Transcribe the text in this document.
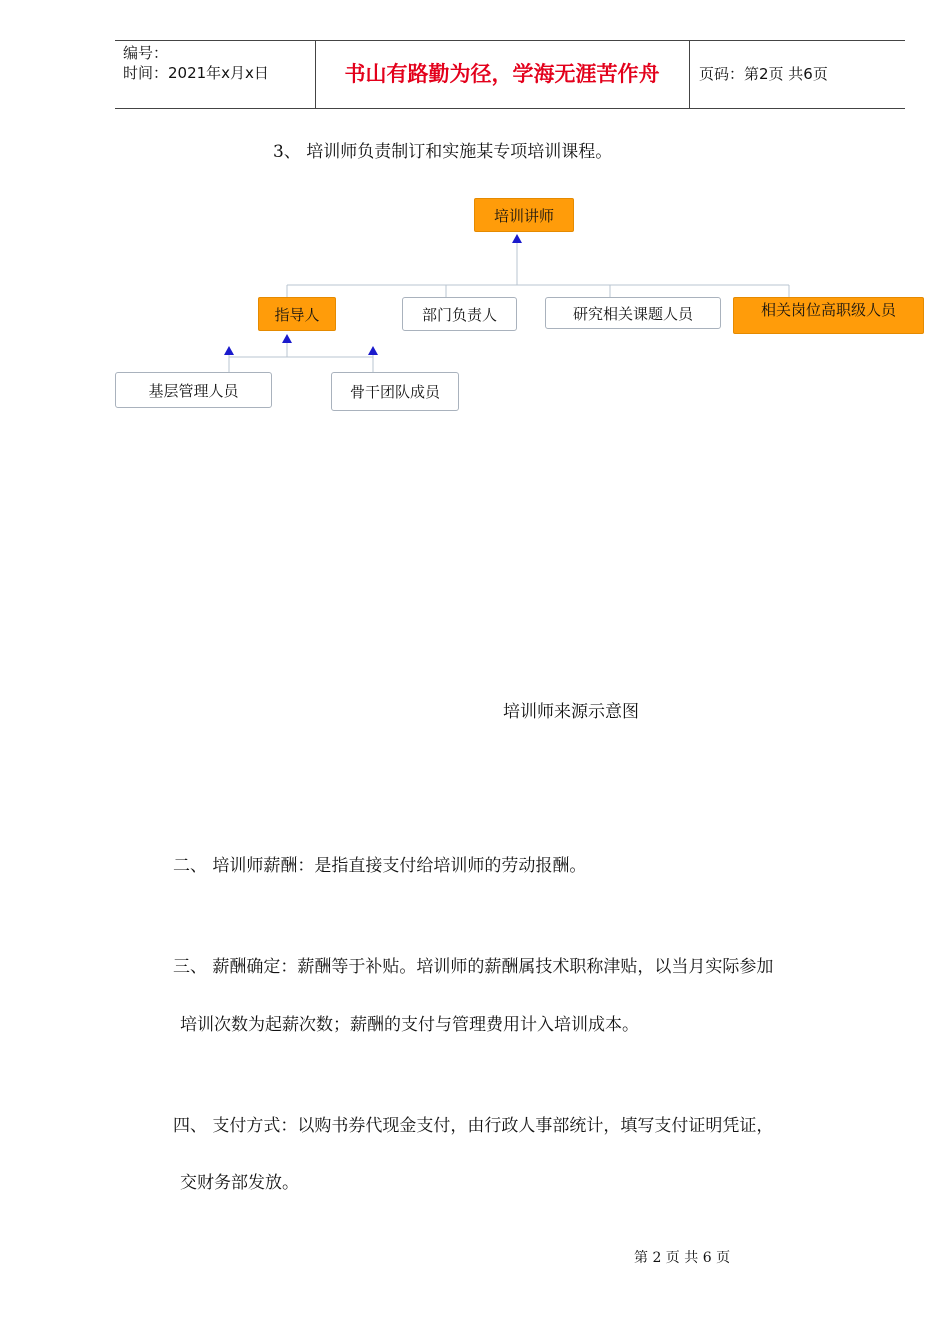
编号：
时间：2021年x月x日	书山有路勤为径，学海无涯苦作舟	页码：第2页 共6页
3、 培训师负责制订和实施某专项培训课程。
培训讲师
指导人	部门负责人	研究相关课题人员	相关岗位高职级人员
基层管理人员	骨干团队成员
培训师来源示意图
二、 培训师薪酬：是指直接支付给培训师的劳动报酬。
三、 薪酬确定：薪酬等于补贴。培训师的薪酬属技术职称津贴，以当月实际参加
培训次数为起薪次数；薪酬的支付与管理费用计入培训成本。
四、 支付方式：以购书券代现金支付，由行政人事部统计，填写支付证明凭证，
交财务部发放。
第 2 页 共 6 页
